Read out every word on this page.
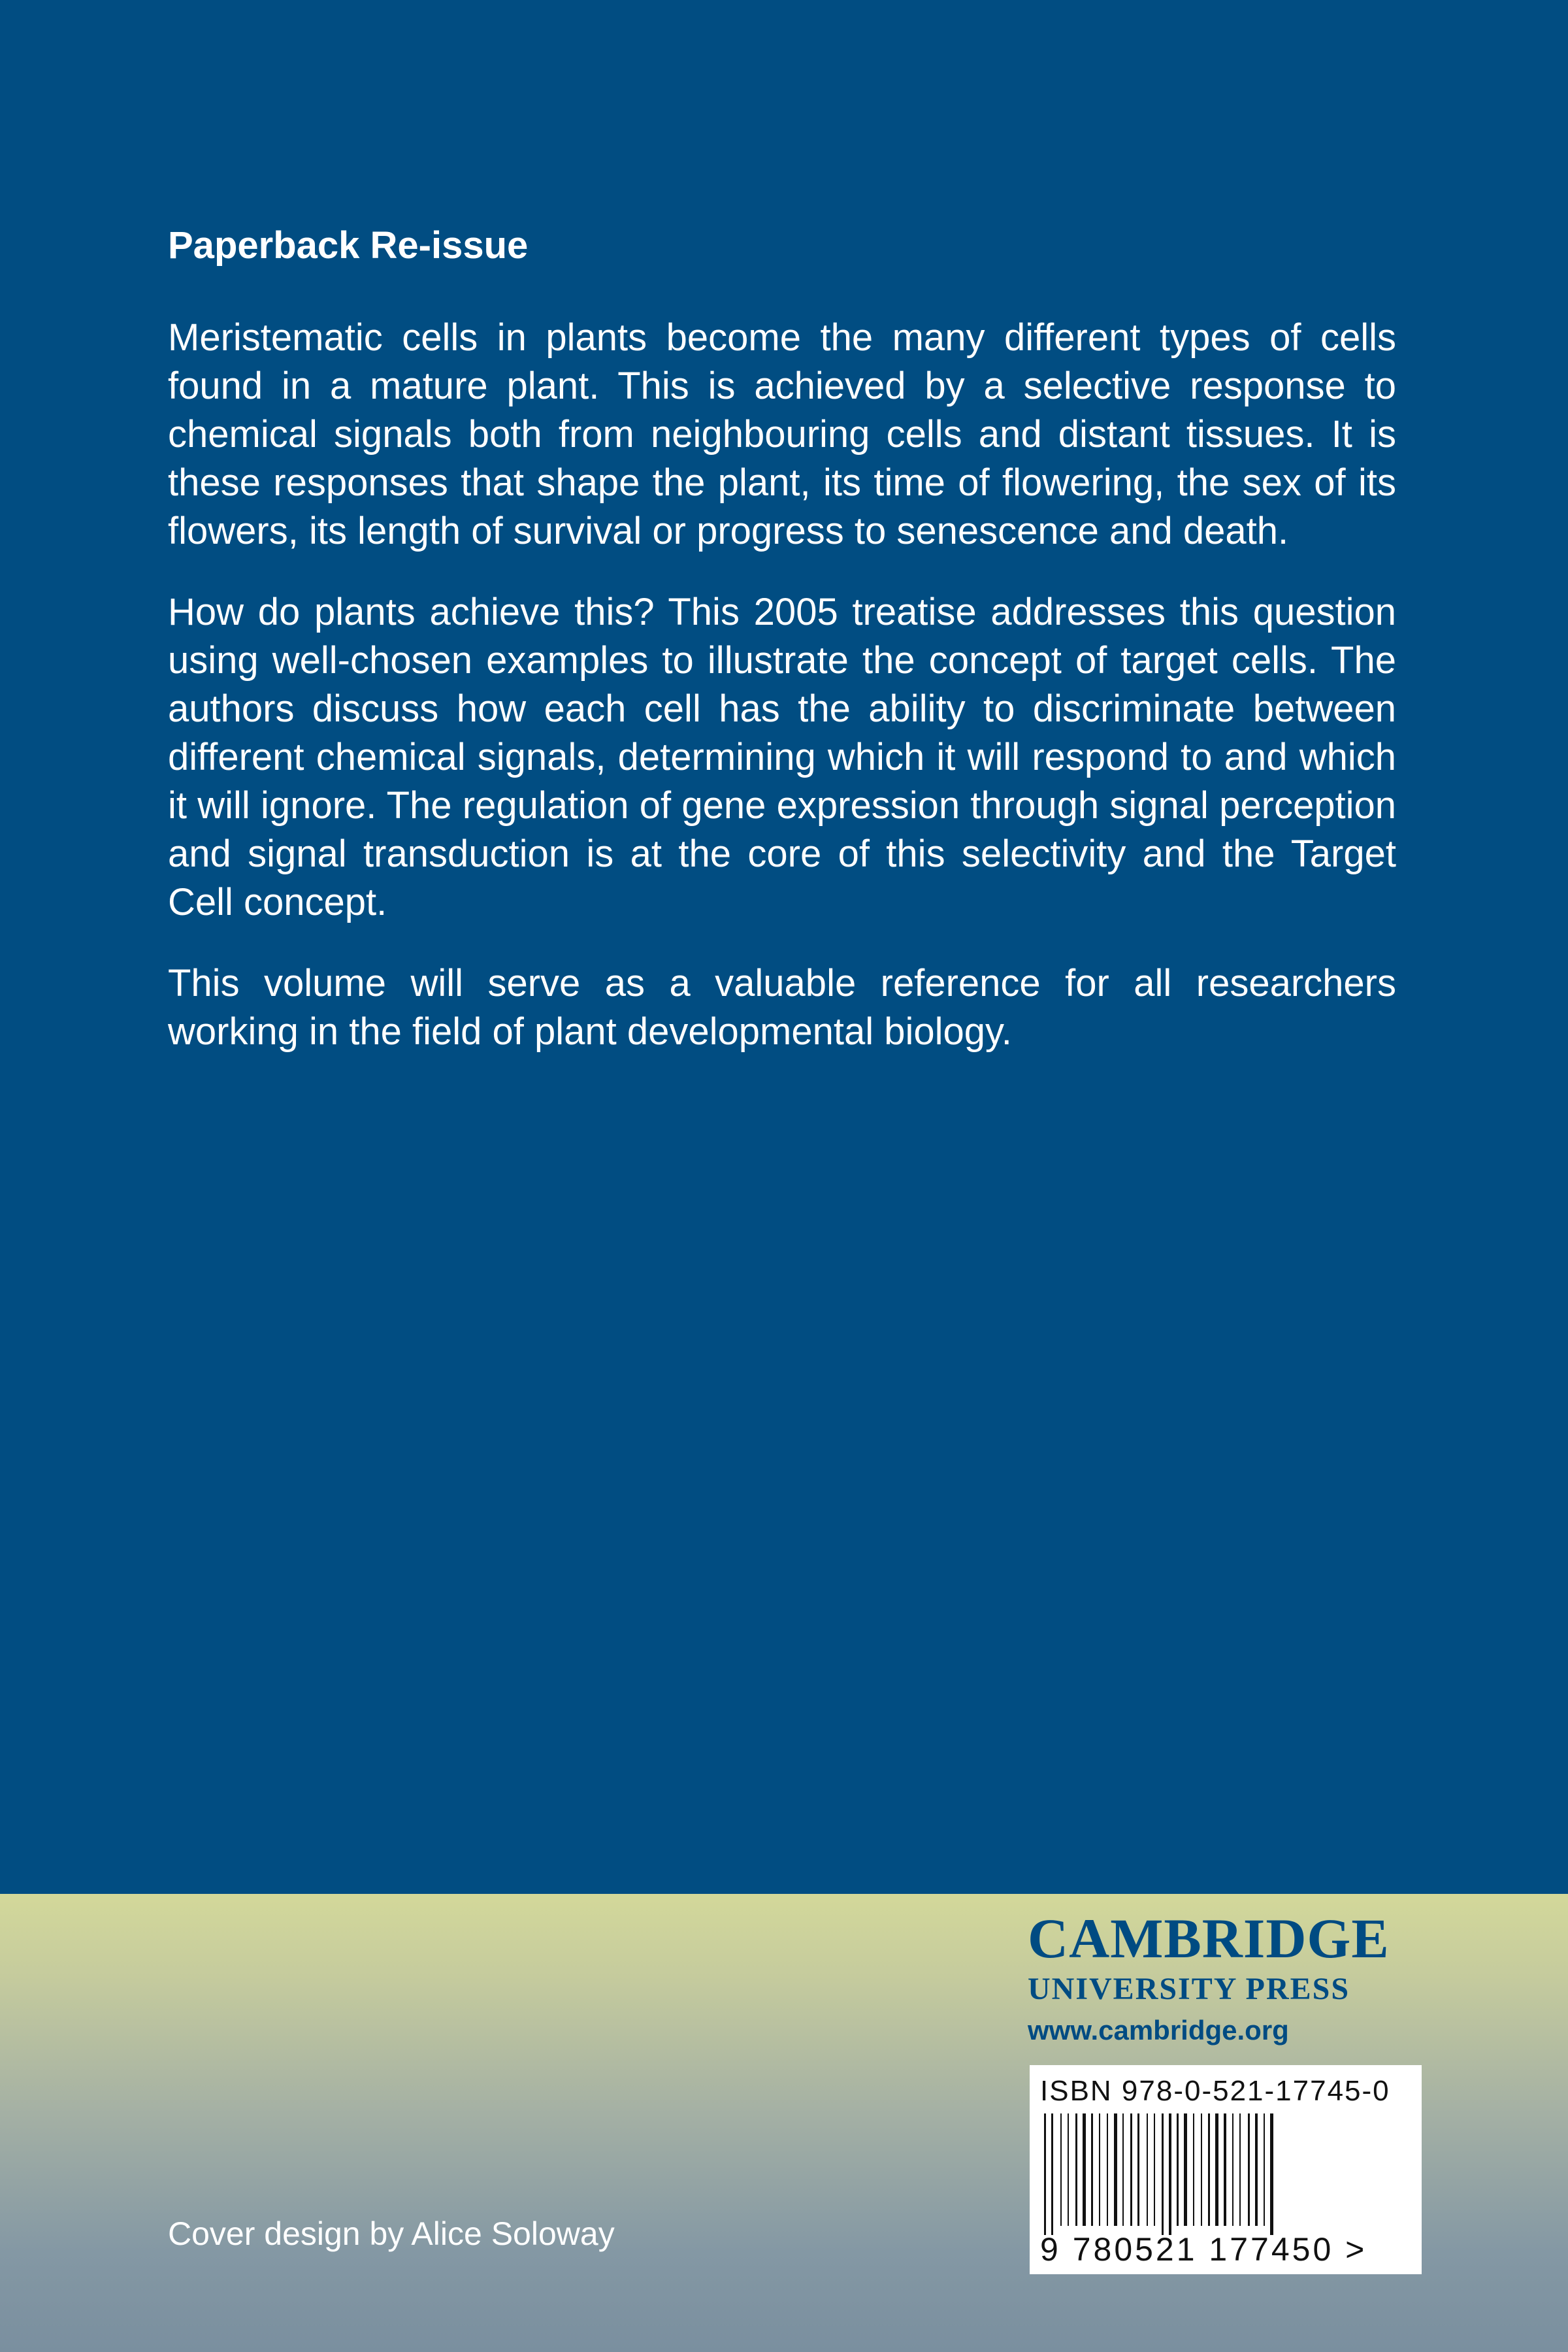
Paperback Re-issue

Meristematic cells in plants become the many different types of cells found in a mature plant. This is achieved by a selective response to chemical signals both from neighbouring cells and distant tissues. It is these responses that shape the plant, its time of flowering, the sex of its flowers, its length of survival or progress to senescence and death.

How do plants achieve this? This 2005 treatise addresses this question using well-chosen examples to illustrate the concept of target cells. The authors discuss how each cell has the ability to discriminate between different chemical signals, determining which it will respond to and which it will ignore. The regulation of gene expression through signal perception and signal transduction is at the core of this selectivity and the Target Cell concept.

This volume will serve as a valuable reference for all researchers working in the field of plant developmental biology.

CAMBRIDGE
UNIVERSITY PRESS
www.cambridge.org
ISBN 978-0-521-17745-0
9 780521 177450 >
Cover design by Alice Soloway
